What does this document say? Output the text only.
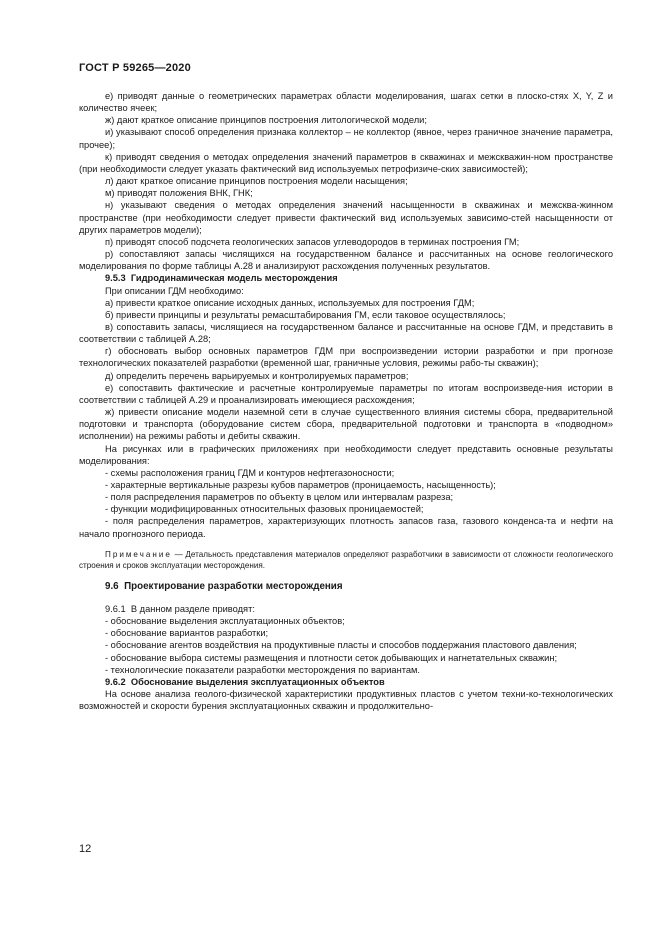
ГОСТ Р 59265—2020

е) приводят данные о геометрических параметрах области моделирования, шагах сетки в плоско-стях X, Y, Z и количество ячеек;

ж) дают краткое описание принципов построения литологической модели;

и) указывают способ определения признака коллектор – не коллектор (явное, через граничное значение параметра, прочее);

к) приводят сведения о методах определения значений параметров в скважинах и межскважин-ном пространстве (при необходимости следует указать фактический вид используемых петрофизиче-ских зависимостей);

л) дают краткое описание принципов построения модели насыщения;

м) приводят положения ВНК, ГНК;

н) указывают сведения о методах определения значений насыщенности в скважинах и межсква-жинном пространстве (при необходимости следует привести фактический вид используемых зависимо-стей насыщенности от других параметров модели);

п) приводят способ подсчета геологических запасов углеводородов в терминах построения ГМ;

р) сопоставляют запасы числящихся на государственном балансе и рассчитанных на основе геологического моделирования по форме таблицы А.28 и анализируют расхождения полученных результатов.

9.5.3 Гидродинамическая модель месторождения

При описании ГДМ необходимо:

а) привести краткое описание исходных данных, используемых для построения ГДМ;

б) привести принципы и результаты ремасштабирования ГМ, если таковое осуществлялось;

в) сопоставить запасы, числящиеся на государственном балансе и рассчитанные на основе ГДМ, и представить в соответствии с таблицей А.28;

г) обосновать выбор основных параметров ГДМ при воспроизведении истории разработки и при прогнозе технологических показателей разработки (временной шаг, граничные условия, режимы рабо-ты скважин);

д) определить перечень варьируемых и контролируемых параметров;

е) сопоставить фактические и расчетные контролируемые параметры по итогам воспроизведе-ния истории в соответствии с таблицей А.29 и проанализировать имеющиеся расхождения;

ж) привести описание модели наземной сети в случае существенного влияния системы сбора, предварительной подготовки и транспорта (оборудование систем сбора, предварительной подготовки и транспорта в «подводном» исполнении) на режимы работы и дебиты скважин.

На рисунках или в графических приложениях при необходимости следует представить основные результаты моделирования:

- схемы расположения границ ГДМ и контуров нефтегазоносности;

- характерные вертикальные разрезы кубов параметров (проницаемость, насыщенность);

- поля распределения параметров по объекту в целом или интервалам разреза;

- функции модифицированных относительных фазовых проницаемостей;

- поля распределения параметров, характеризующих плотность запасов газа, газового конденса-та и нефти на начало прогнозного периода.

Примечание — Детальность представления материалов определяют разработчики в зависимости от сложности геологического строения и сроков эксплуатации месторождения.

9.6 Проектирование разработки месторождения

9.6.1 В данном разделе приводят:

- обоснование выделения эксплуатационных объектов;

- обоснование вариантов разработки;

- обоснование агентов воздействия на продуктивные пласты и способов поддержания пластового давления;

- обоснование выбора системы размещения и плотности сеток добывающих и нагнетательных скважин;

- технологические показатели разработки месторождения по вариантам.

9.6.2 Обоснование выделения эксплуатационных объектов

На основе анализа геолого-физической характеристики продуктивных пластов с учетом техни-ко-технологических возможностей и скорости бурения эксплуатационных скважин и продолжительно-

12
